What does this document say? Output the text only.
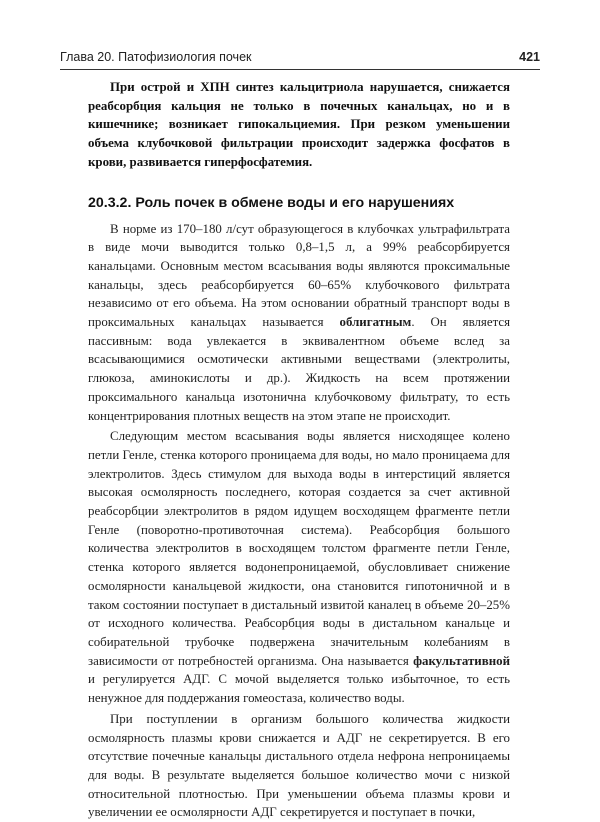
Глава 20. Патофизиология почек	421

При острой и ХПН синтез кальцитриола нарушается, снижается реабсорбция кальция не только в почечных канальцах, но и в кишечнике; возникает гипокальциемия. При резком уменьшении объема клубочковой фильтрации происходит задержка фосфатов в крови, развивается гиперфосфатемия.

20.3.2. Роль почек в обмене воды и его нарушениях

В норме из 170–180 л/сут образующегося в клубочках ультрафильтрата в виде мочи выводится только 0,8–1,5 л, а 99% реабсорбируется канальцами. Основным местом всасывания воды являются проксимальные канальцы, здесь реабсорбируется 60–65% клубочкового фильтрата независимо от его объема. На этом основании обратный транспорт воды в проксимальных канальцах называется облигатным. Он является пассивным: вода увлекается в эквивалентном объеме вслед за всасывающимися осмотически активными веществами (электролиты, глюкоза, аминокислоты и др.). Жидкость на всем протяжении проксимального канальца изотонична клубочковому фильтрату, то есть концентрирования плотных веществ на этом этапе не происходит.

Следующим местом всасывания воды является нисходящее колено петли Генле, стенка которого проницаема для воды, но мало проницаема для электролитов. Здесь стимулом для выхода воды в интерстиций является высокая осмолярность последнего, которая создается за счет активной реабсорбции электролитов в рядом идущем восходящем фрагменте петли Генле (поворотно-противоточная система). Реабсорбция большого количества электролитов в восходящем толстом фрагменте петли Генле, стенка которого является водонепроницаемой, обусловливает снижение осмолярности канальцевой жидкости, она становится гипотоничной и в таком состоянии поступает в дистальный извитой каналец в объеме 20–25% от исходного количества. Реабсорбция воды в дистальном канальце и собирательной трубочке подвержена значительным колебаниям в зависимости от потребностей организма. Она называется факультативной и регулируется АДГ. С мочой выделяется только избыточное, то есть ненужное для поддержания гомеостаза, количество воды.

При поступлении в организм большого количества жидкости осмолярность плазмы крови снижается и АДГ не секретируется. В его отсутствие почечные канальцы дистального отдела нефрона непроницаемы для воды. В результате выделяется большое количество мочи с низкой относительной плотностью. При уменьшении объема плазмы крови и увеличении ее осмолярности АДГ секретируется и поступает в почки,
